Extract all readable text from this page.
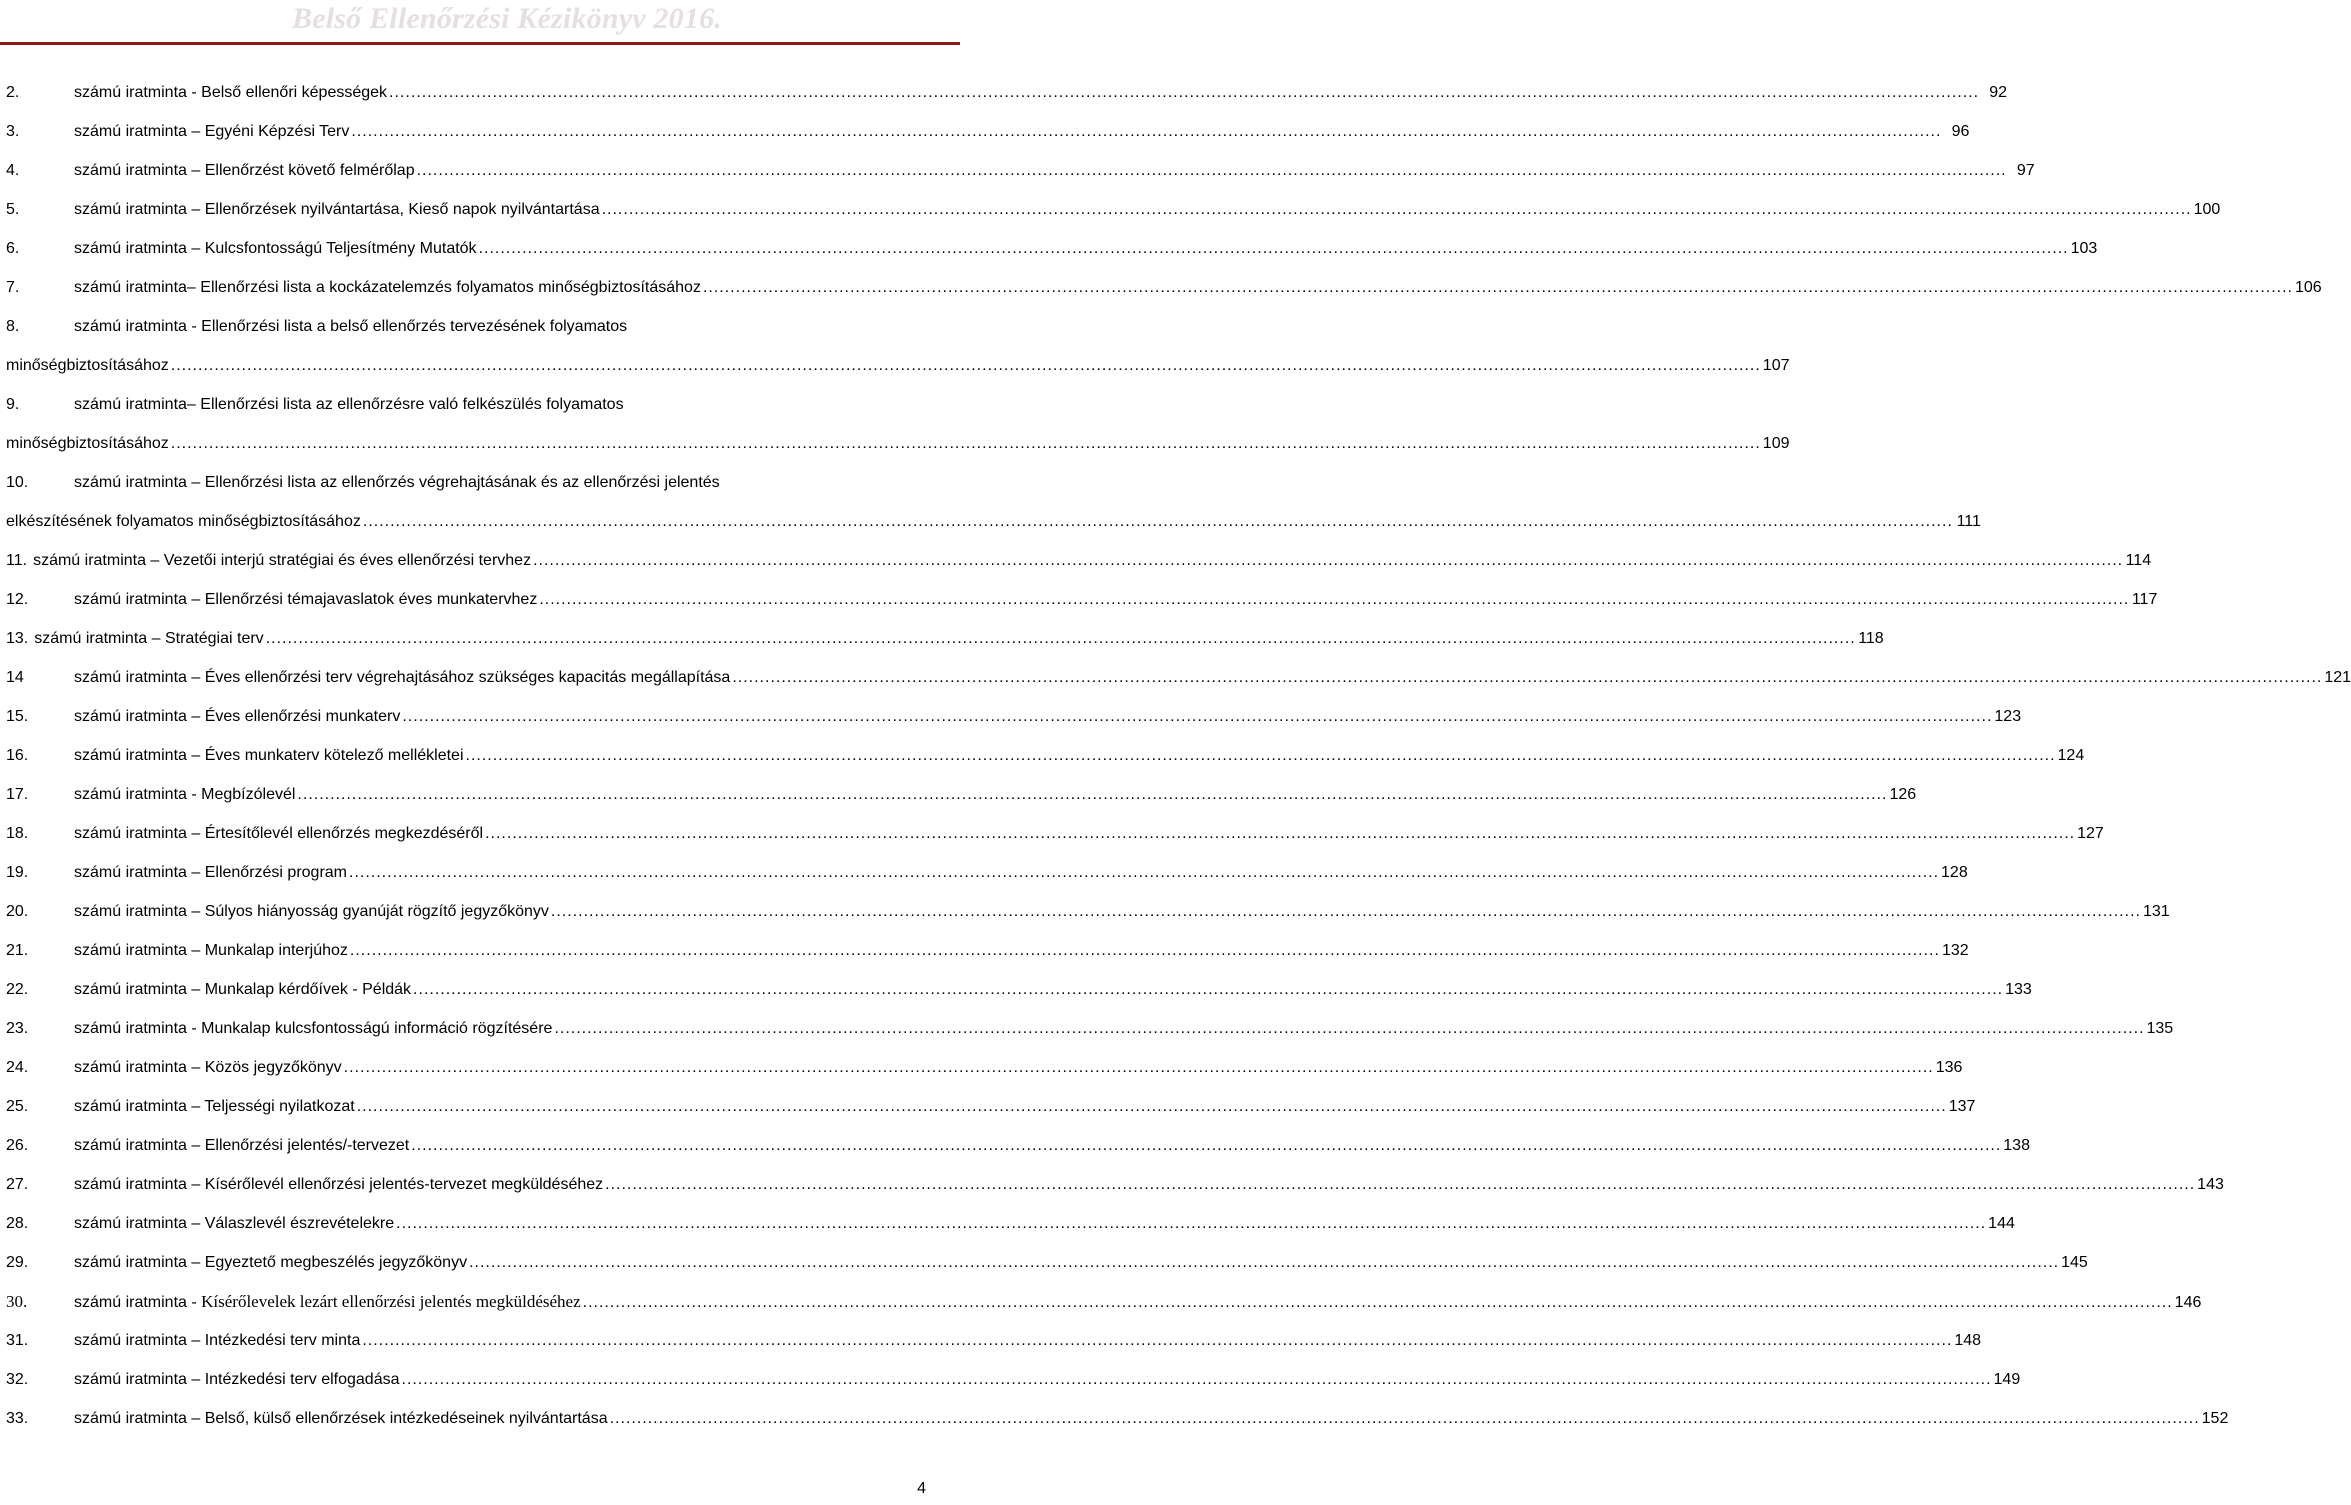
Belső Ellenőrzési Kézikönyv 2016.
2.	számú iratminta - Belső ellenőri képességek .....	92
3.	számú iratminta – Egyéni Képzési Terv .....	96
4.	számú iratminta – Ellenőrzést követő felmérőlap .....	97
5.	számú iratminta – Ellenőrzések nyilvántartása, Kieső napok nyilvántartása .....	100
6.	számú iratminta – Kulcsfontosságú Teljesítmény Mutatók .....	103
7.	számú iratminta– Ellenőrzési lista a kockázatelemzés folyamatos minőségbiztosításához .....	106
8.	számú iratminta - Ellenőrzési lista a belső ellenőrzés tervezésének folyamatos
minőségbiztosításához .....	107
9.	számú iratminta– Ellenőrzési lista az ellenőrzésre való felkészülés folyamatos
minőségbiztosításához .....	109
10.	számú iratminta – Ellenőrzési lista az ellenőrzés végrehajtásának és az ellenőrzési jelentés
elkészítésének folyamatos minőségbiztosításához .....	111
11. számú iratminta – Vezetői interjú stratégiai és éves ellenőrzési tervhez .....	114
12.	számú iratminta – Ellenőrzési témajavaslatok éves munkatervhez .....	117
13. számú iratminta – Stratégiai terv .....	118
14	számú iratminta – Éves ellenőrzési terv végrehajtásához szükséges kapacitás megállapítása .....	121
15.	számú iratminta – Éves ellenőrzési munkaterv .....	123
16.	számú iratminta – Éves munkaterv kötelező mellékletei .....	124
17.	számú iratminta - Megbízólevél .....	126
18.	számú iratminta – Értesítőlevél ellenőrzés megkezdéséről .....	127
19.	számú iratminta – Ellenőrzési program .....	128
20.	számú iratminta – Súlyos hiányosság gyanúját rögzítő jegyzőkönyv .....	131
21.	számú iratminta – Munkalap interjúhoz .....	132
22.	számú iratminta – Munkalap kérdőívek - Példák .....	133
23.	számú iratminta - Munkalap kulcsfontosságú információ rögzítésére .....	135
24.	számú iratminta – Közös jegyzőkönyv .....	136
25.	számú iratminta – Teljességi nyilatkozat .....	137
26.	számú iratminta – Ellenőrzési jelentés/-tervezet .....	138
27.	számú iratminta – Kísérőlevél ellenőrzési jelentés-tervezet megküldéséhez .....	143
28.	számú iratminta – Válaszlevél észrevételekre .....	144
29.	számú iratminta – Egyeztető megbeszélés jegyzőkönyv .....	145
30.	számú iratminta - Kísérőlevelek lezárt ellenőrzési jelentés megküldéséhez .....	146
31.	számú iratminta – Intézkedési terv minta .....	148
32.	számú iratminta – Intézkedési terv elfogadása .....	149
33.	számú iratminta – Belső, külső ellenőrzések intézkedéseinek nyilvántartása .....	152
4
